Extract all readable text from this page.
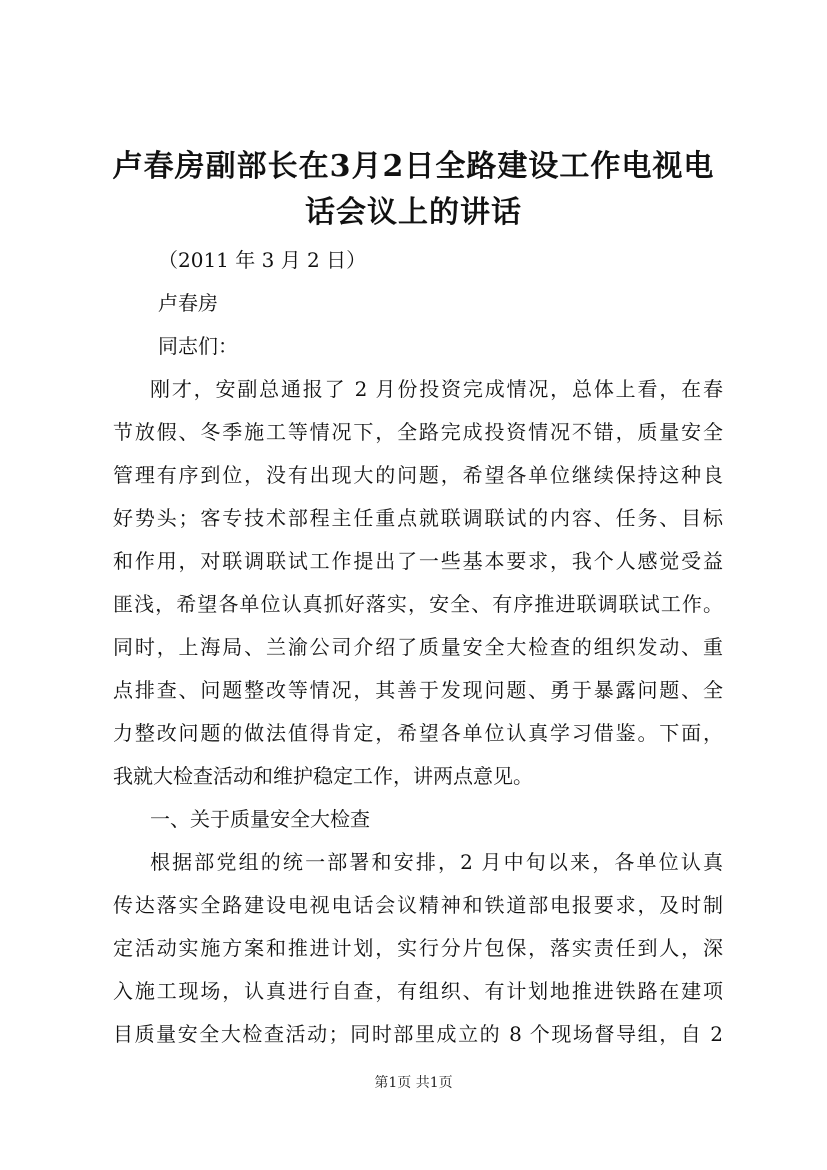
卢春房副部长在3月2日全路建设工作电视电
话会议上的讲话
（2011 年 3 月 2 日）
卢春房
同志们：
刚才，安副总通报了 2 月份投资完成情况，总体上看，在春
节放假、冬季施工等情况下，全路完成投资情况不错，质量安全
管理有序到位，没有出现大的问题，希望各单位继续保持这种良
好势头；客专技术部程主任重点就联调联试的内容、任务、目标
和作用，对联调联试工作提出了一些基本要求，我个人感觉受益
匪浅，希望各单位认真抓好落实，安全、有序推进联调联试工作。
同时，上海局、兰渝公司介绍了质量安全大检查的组织发动、重
点排查、问题整改等情况，其善于发现问题、勇于暴露问题、全
力整改问题的做法值得肯定，希望各单位认真学习借鉴。下面，
我就大检查活动和维护稳定工作，讲两点意见。
一、关于质量安全大检查
根据部党组的统一部署和安排，2 月中旬以来，各单位认真
传达落实全路建设电视电话会议精神和铁道部电报要求，及时制
定活动实施方案和推进计划，实行分片包保，落实责任到人，深
入施工现场，认真进行自查，有组织、有计划地推进铁路在建项
目质量安全大检查活动；同时部里成立的 8 个现场督导组，自 2
第1页 共1页
